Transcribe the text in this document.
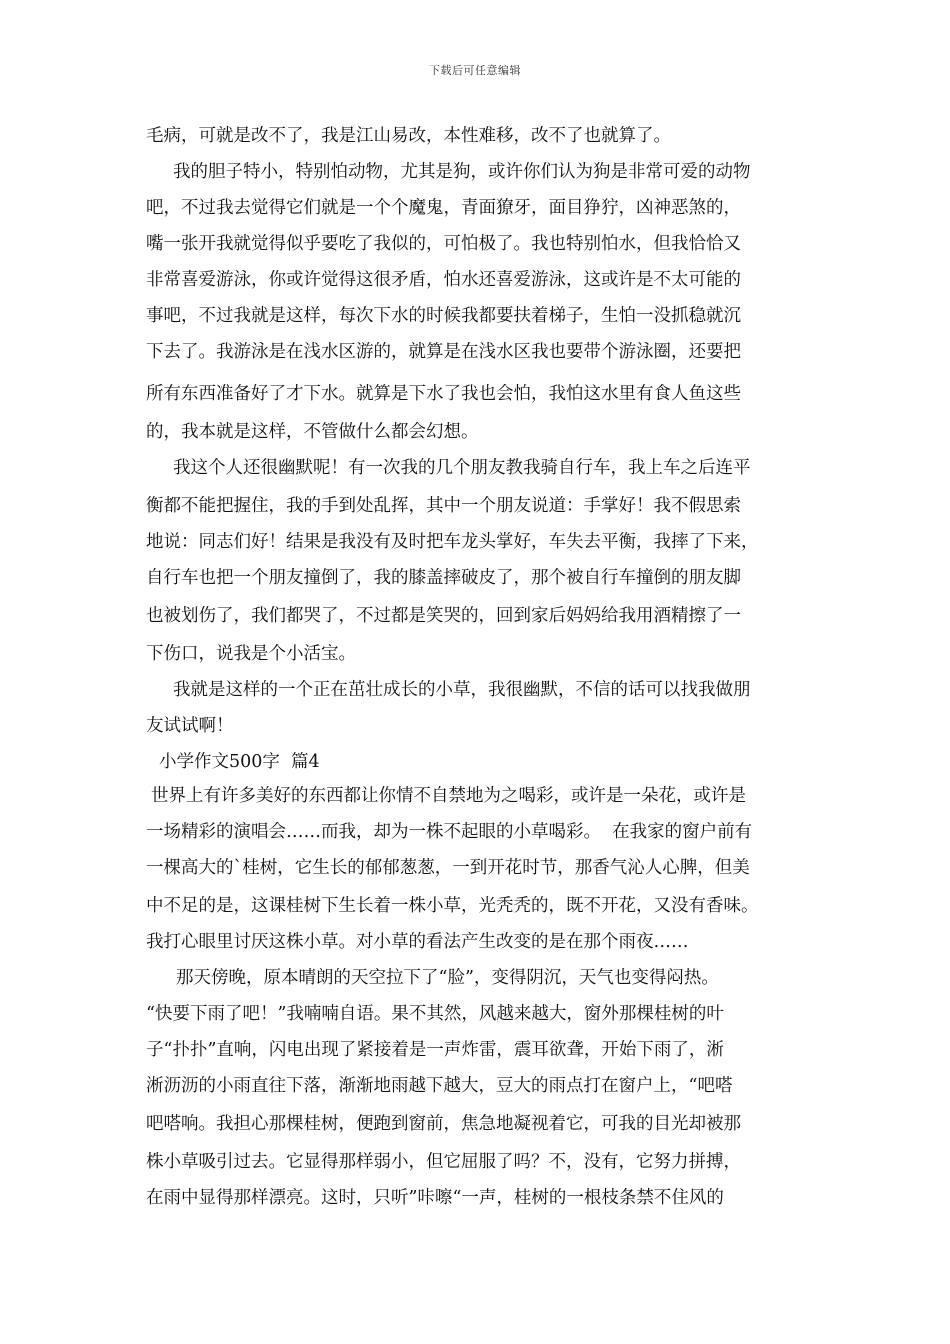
下载后可任意编辑
毛病，可就是改不了，我是江山易改，本性难移，改不了也就算了。
我的胆子特小，特别怕动物，尤其是狗，或许你们认为狗是非常可爱的动物
吧，不过我去觉得它们就是一个个魔鬼，青面獠牙，面目狰狞，凶神恶煞的，
嘴一张开我就觉得似乎要吃了我似的，可怕极了。我也特别怕水，但我恰恰又
非常喜爱游泳，你或许觉得这很矛盾，怕水还喜爱游泳，这或许是不太可能的
事吧，不过我就是这样，每次下水的时候我都要扶着梯子，生怕一没抓稳就沉
下去了。我游泳是在浅水区游的，就算是在浅水区我也要带个游泳圈，还要把
所有东西准备好了才下水。就算是下水了我也会怕，我怕这水里有食人鱼这些
的，我本就是这样，不管做什么都会幻想。
我这个人还很幽默呢！有一次我的几个朋友教我骑自行车，我上车之后连平
衡都不能把握住，我的手到处乱挥，其中一个朋友说道：手掌好！我不假思索
地说：同志们好！结果是我没有及时把车龙头掌好，车失去平衡，我摔了下来，
自行车也把一个朋友撞倒了，我的膝盖摔破皮了，那个被自行车撞倒的朋友脚
也被划伤了，我们都哭了，不过都是笑哭的，回到家后妈妈给我用酒精擦了一
下伤口，说我是个小活宝。
我就是这样的一个正在茁壮成长的小草，我很幽默，不信的话可以找我做朋
友试试啊！
小学作文500字  篇4
世界上有许多美好的东西都让你情不自禁地为之喝彩，或许是一朵花，或许是
一场精彩的演唱会……而我，却为一株不起眼的小草喝彩。  在我家的窗户前有
一棵高大的`桂树，它生长的郁郁葱葱，一到开花时节，那香气沁人心脾，但美
中不足的是，这课桂树下生长着一株小草，光秃秃的，既不开花，又没有香味。
我打心眼里讨厌这株小草。对小草的看法产生改变的是在那个雨夜……
那天傍晚，原本晴朗的天空拉下了“脸”，变得阴沉，天气也变得闷热。
“快要下雨了吧！”我喃喃自语。果不其然，风越来越大，窗外那棵桂树的叶
子“扑扑”直响，闪电出现了紧接着是一声炸雷，震耳欲聋，开始下雨了，淅
淅沥沥的小雨直往下落，渐渐地雨越下越大，豆大的雨点打在窗户上，“吧嗒
吧嗒响。我担心那棵桂树，便跑到窗前，焦急地凝视着它，可我的目光却被那
株小草吸引过去。它显得那样弱小，但它屈服了吗？不，没有，它努力拼搏，
在雨中显得那样漂亮。这时，只听”咔嚓“一声，桂树的一根枝条禁不住风的
